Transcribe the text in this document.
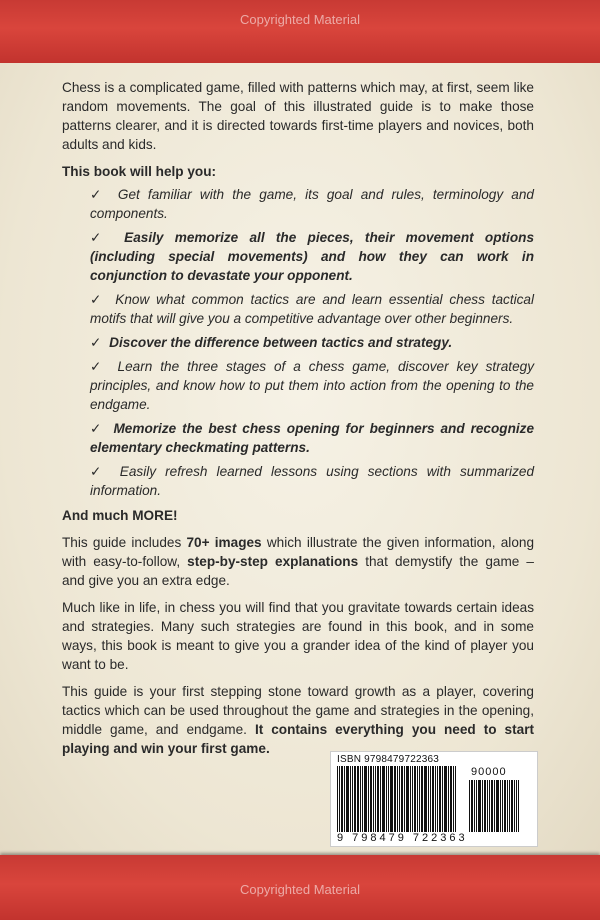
Copyrighted Material

Chess is a complicated game, filled with patterns which may, at first, seem like random movements. The goal of this illustrated guide is to make those patterns clearer, and it is directed towards first-time players and novices, both adults and kids.

This book will help you:

✓ Get familiar with the game, its goal and rules, terminology and components.
✓ Easily memorize all the pieces, their movement options (including special movements) and how they can work in conjunction to devastate your opponent.
✓ Know what common tactics are and learn essential chess tactical motifs that will give you a competitive advantage over other beginners.
✓ Discover the difference between tactics and strategy.
✓ Learn the three stages of a chess game, discover key strategy principles, and know how to put them into action from the opening to the endgame.
✓ Memorize the best chess opening for beginners and recognize elementary checkmating patterns.
✓ Easily refresh learned lessons using sections with summarized information.

And much MORE!

This guide includes 70+ images which illustrate the given information, along with easy-to-follow, step-by-step explanations that demystify the game – and give you an extra edge.

Much like in life, in chess you will find that you gravitate towards certain ideas and strategies. Many such strategies are found in this book, and in some ways, this book is meant to give you a grander idea of the kind of player you want to be.

This guide is your first stepping stone toward growth as a player, covering tactics which can be used throughout the game and strategies in the opening, middle game, and endgame. It contains everything you need to start playing and win your first game.

ISBN 9798479722363
90000
9 798479 722363
Copyrighted Material
